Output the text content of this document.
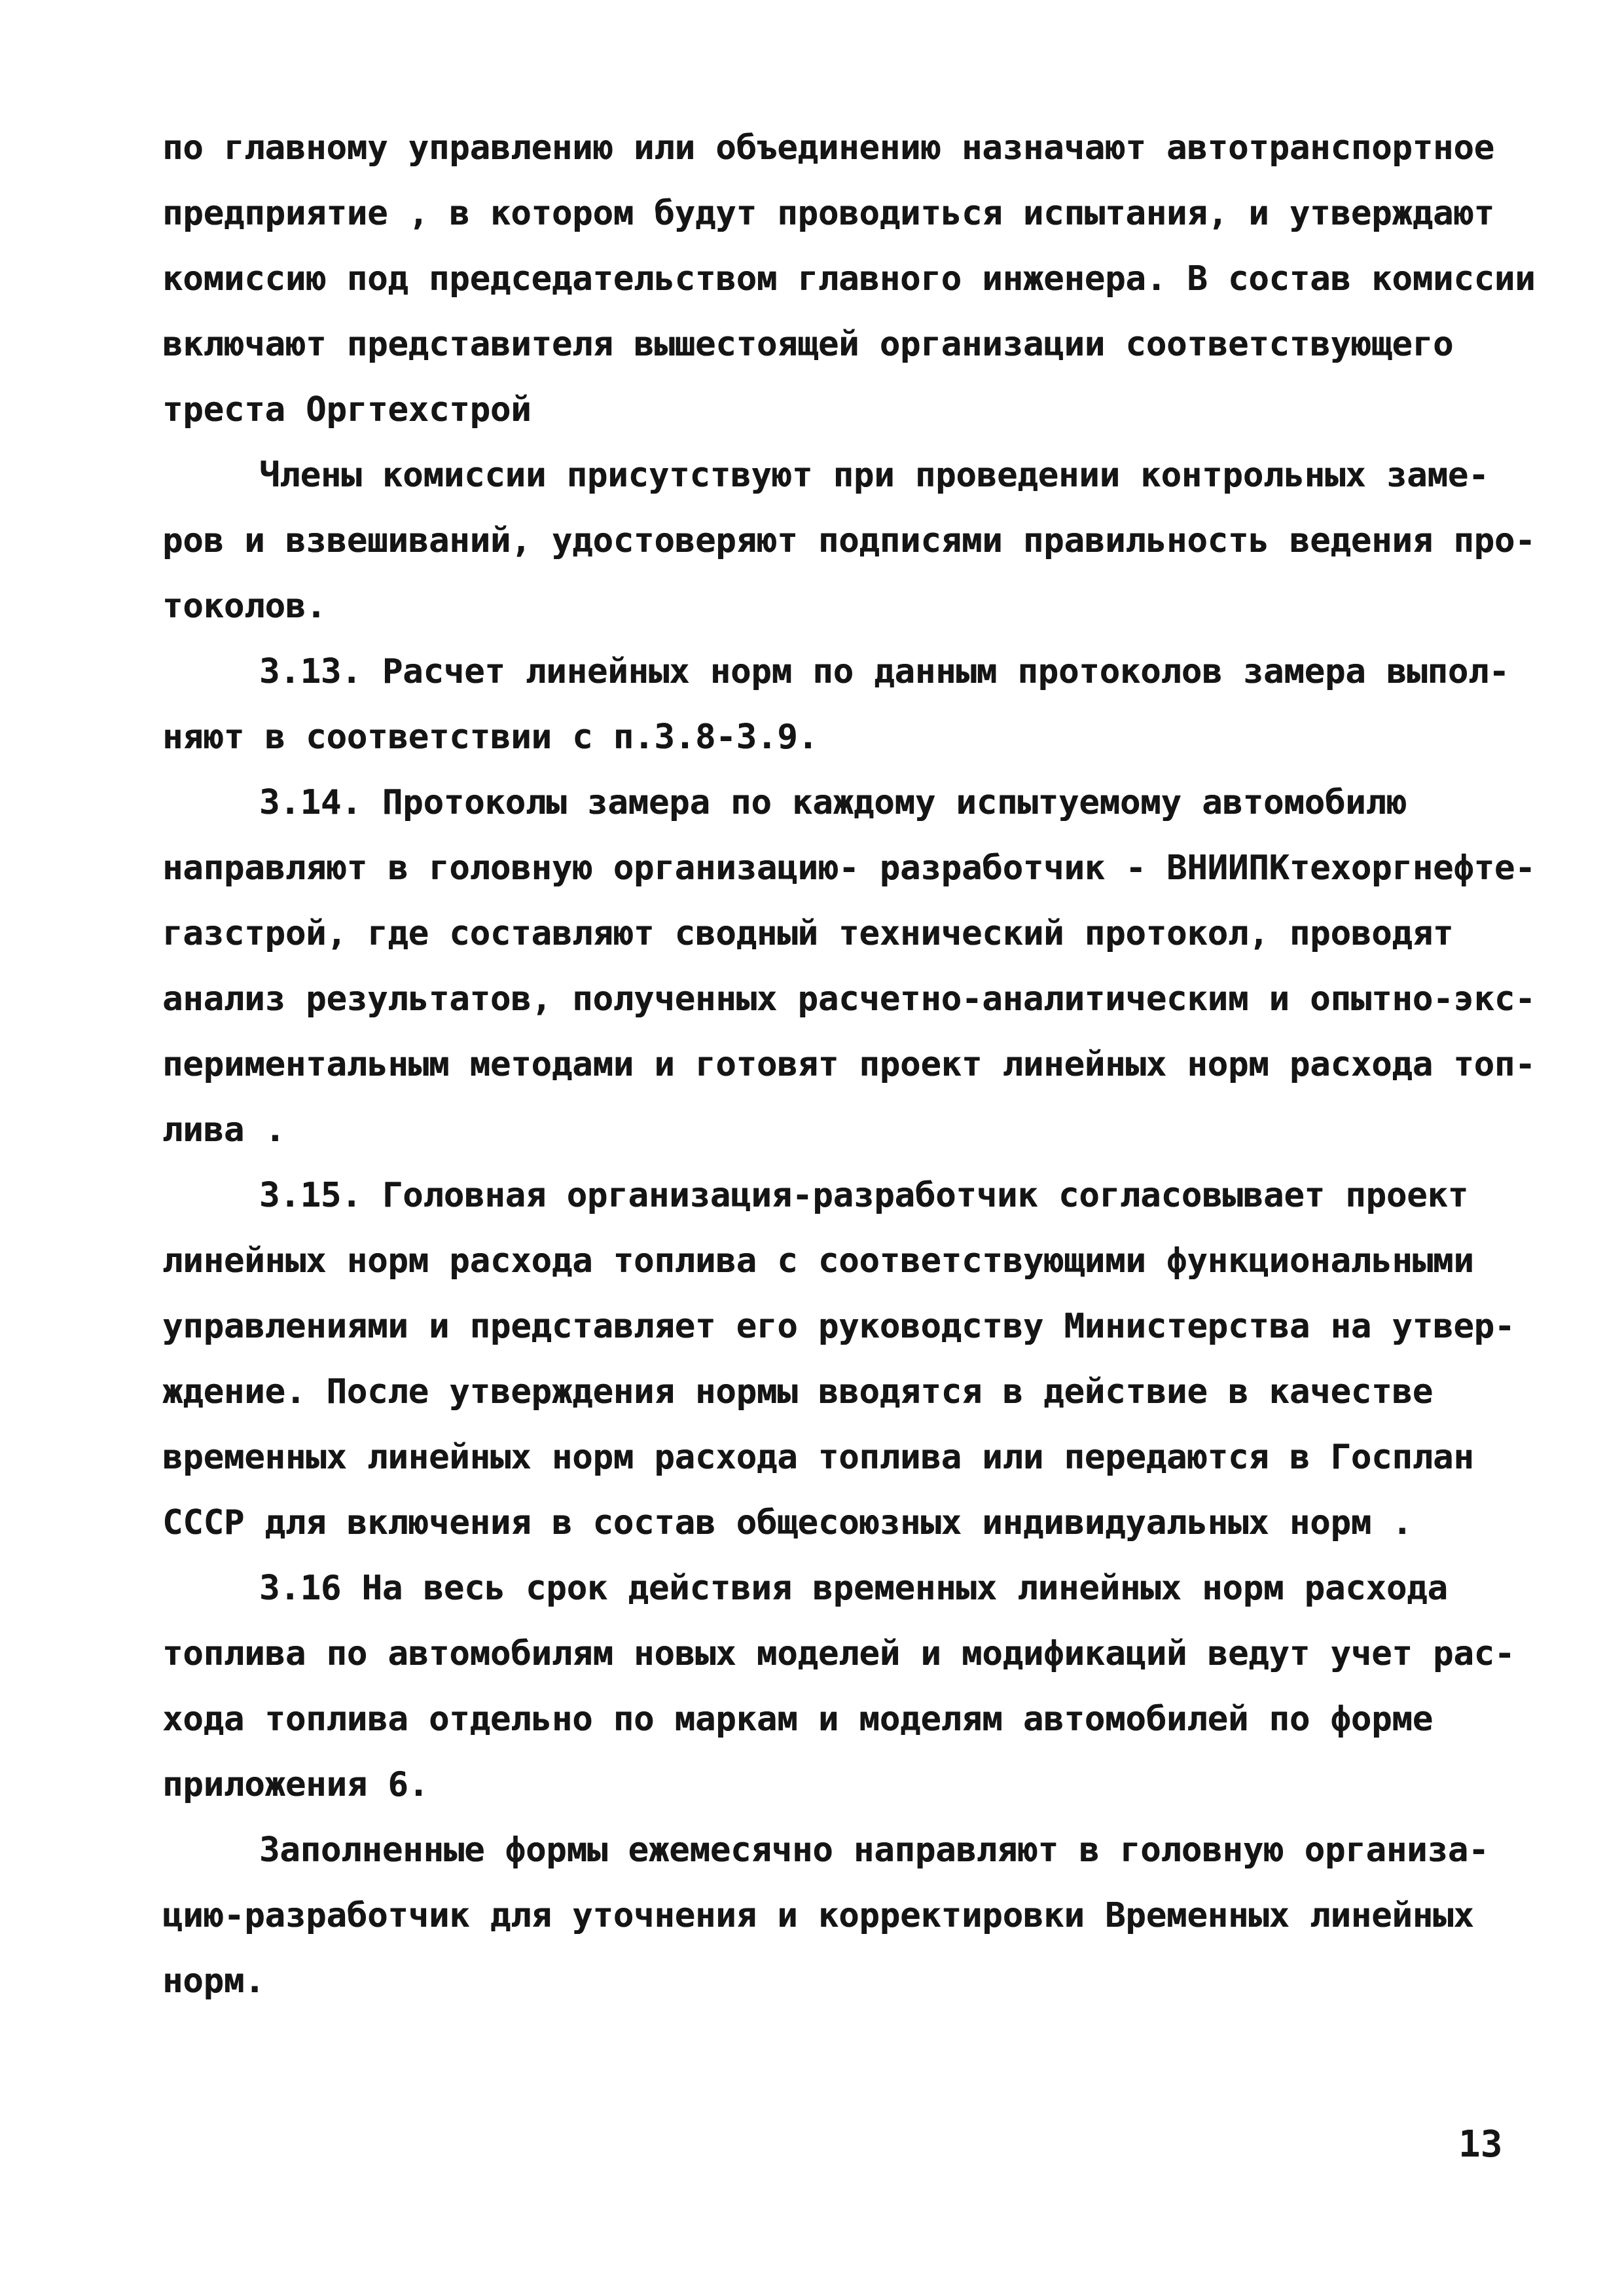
по главному управлению или объединению назначают автотранспортное
предприятие , в котором будут проводиться испытания, и утверждают
комиссию под председательством главного инженера. В состав комиссии
включают представителя вышестоящей организации соответствующего
треста Оргтехстрой
Члены комиссии присутствуют при проведении контрольных заме-
ров и взвешиваний, удостоверяют подписями правильность ведения про-
токолов.
3.13. Расчет линейных норм по данным протоколов замера выпол-
няют в соответствии с п.3.8-3.9.
3.14. Протоколы замера по каждому испытуемому автомобилю
направляют в головную организацию- разработчик - ВНИИПКтехоргнефте-
газстрой, где составляют сводный технический протокол, проводят
анализ результатов, полученных расчетно-аналитическим и опытно-экс-
периментальным методами и готовят проект линейных норм расхода топ-
лива .
3.15. Головная организация-разработчик согласовывает проект
линейных норм расхода топлива с соответствующими функциональными
управлениями и представляет его руководству Министерства на утвер-
ждение. После утверждения нормы вводятся в действие в качестве
временных линейных норм расхода топлива или передаются в Госплан
СССР для включения в состав общесоюзных индивидуальных норм .
3.16 На весь срок действия временных линейных норм расхода
топлива по автомобилям новых моделей и модификаций ведут учет рас-
хода топлива отдельно по маркам и моделям автомобилей по форме
приложения 6.
Заполненные формы ежемесячно направляют в головную организа-
цию-разработчик для уточнения и корректировки Временных линейных
норм.
13
